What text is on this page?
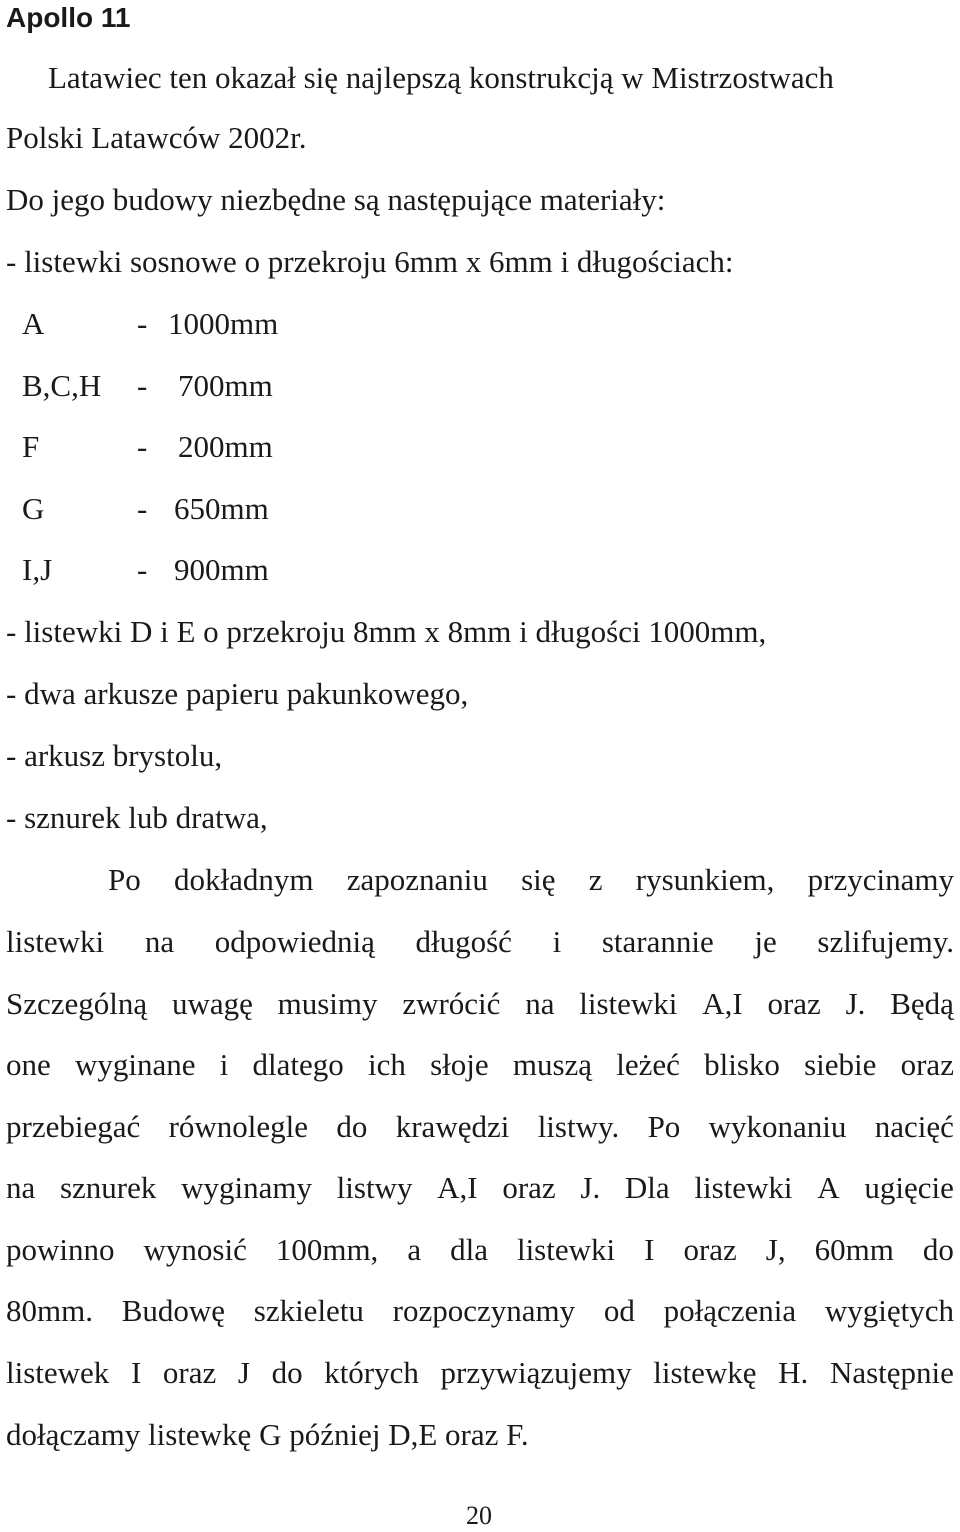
Apollo 11
Latawiec ten okazał się najlepszą konstrukcją w Mistrzostwach
Polski Latawców 2002r.
Do jego budowy niezbędne są następujące materiały:
- listewki sosnowe o przekroju 6mm x 6mm i długościach:
A	- 1000mm
B,C,H - 700mm
F	- 200mm
G	- 650mm
I,J	- 900mm
- listewki D i E o przekroju 8mm x 8mm i długości 1000mm,
- dwa arkusze papieru pakunkowego,
- arkusz brystolu,
- sznurek lub dratwa,
Po dokładnym zapoznaniu się z rysunkiem, przycinamy
listewki na odpowiednią długość i starannie je szlifujemy.
Szczególną uwagę musimy zwrócić na listewki A,I oraz J. Będą
one wyginane i dlatego ich słoje muszą leżeć blisko siebie oraz
przebiegać równolegle do krawędzi listwy. Po wykonaniu nacięć
na sznurek wyginamy listwy A,I oraz J. Dla listewki A ugięcie
powinno wynosić 100mm, a dla listewki I oraz J, 60mm do
80mm. Budowę szkieletu rozpoczynamy od połączenia wygiętych
listewek I oraz J do których przywiązujemy listewkę H. Następnie
dołączamy listewkę G później D,E oraz F.
20
